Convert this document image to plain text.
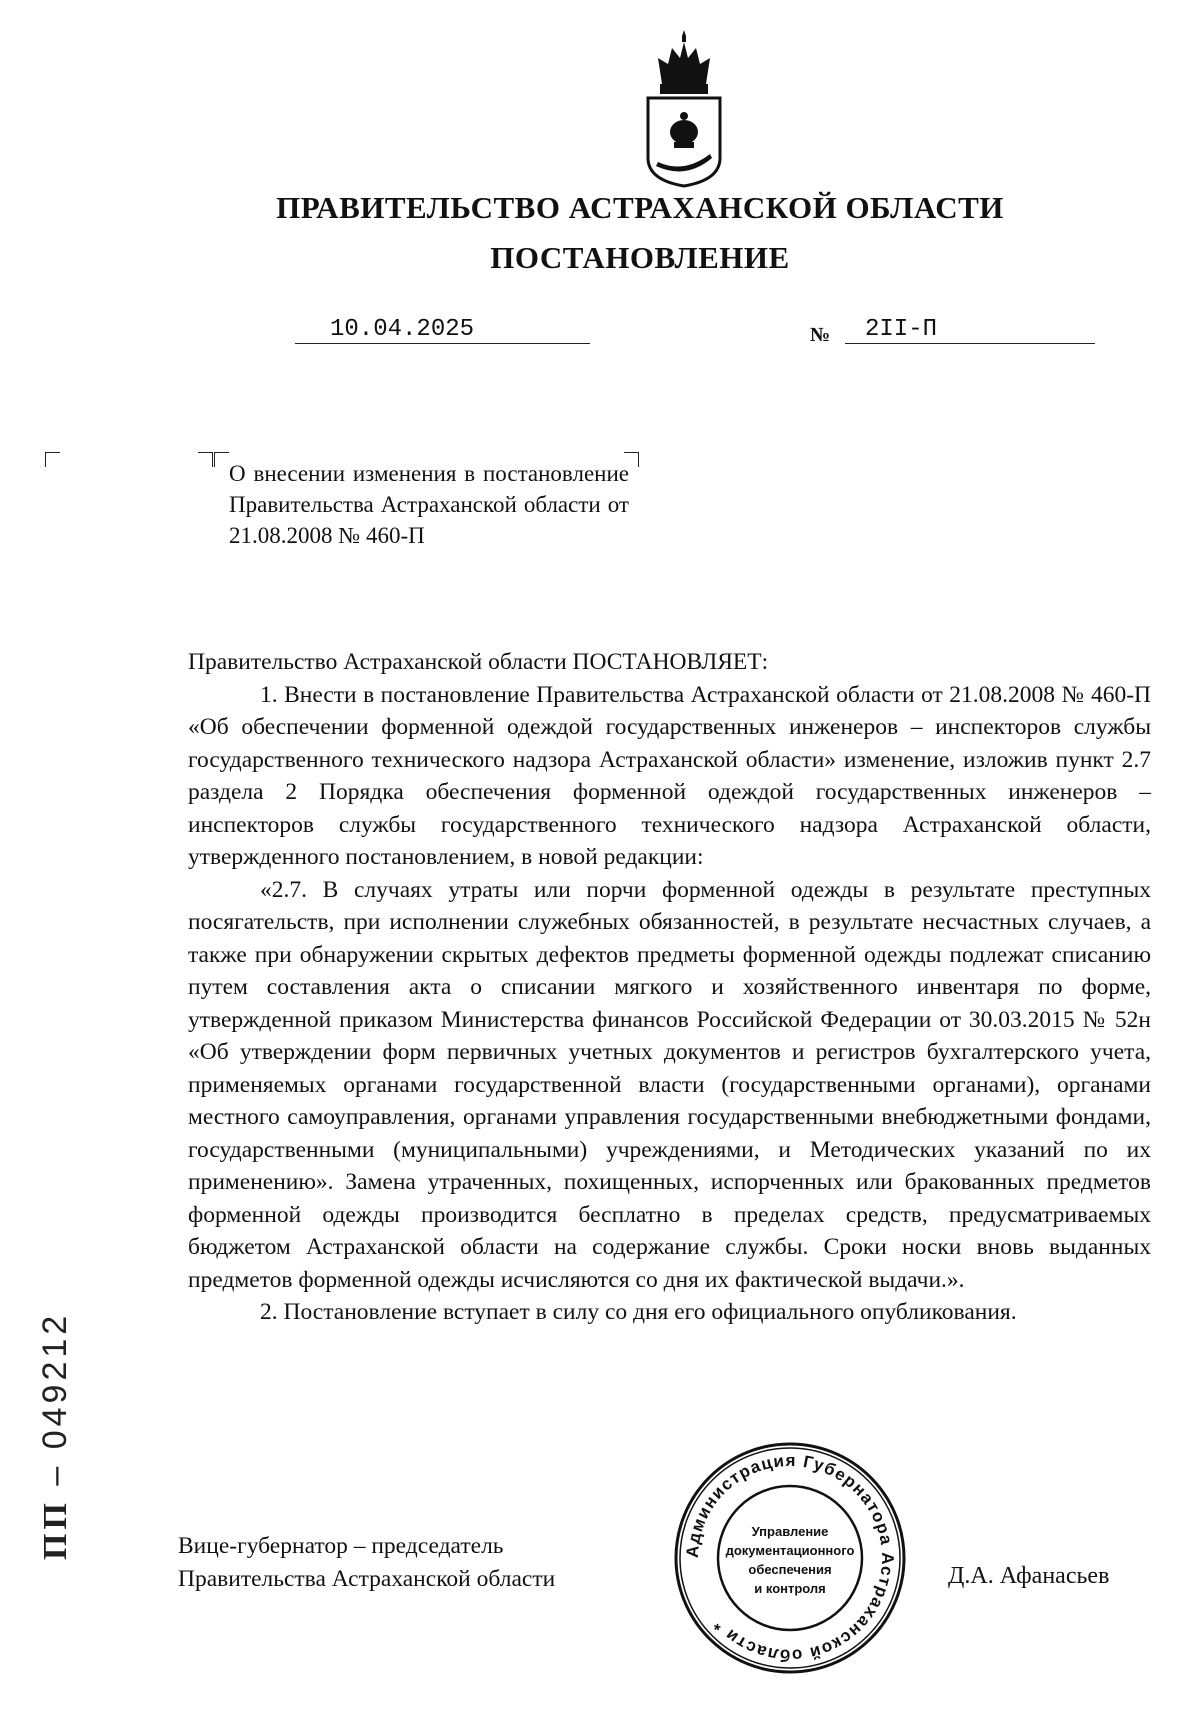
ПРАВИТЕЛЬСТВО АСТРАХАНСКОЙ ОБЛАСТИ
ПОСТАНОВЛЕНИЕ
10.04.2025	№ 2II-П
О внесении изменения в постановление Правительства Астраханской области от
21.08.2008 № 460-П

Правительство Астраханской области ПОСТАНОВЛЯЕТ:

1. Внести в постановление Правительства Астраханской области от 21.08.2008 № 460-П «Об обеспечении форменной одеждой государственных инженеров – инспекторов службы государственного технического надзора Астраханской области» изменение, изложив пункт 2.7 раздела 2 Порядка обеспечения форменной одеждой государственных инженеров – инспекторов службы государственного технического надзора Астраханской области, утвержденного постановлением, в новой редакции:

«2.7. В случаях утраты или порчи форменной одежды в результате преступных посягательств, при исполнении служебных обязанностей, в результате несчастных случаев, а также при обнаружении скрытых дефектов предметы форменной одежды подлежат списанию путем составления акта о списании мягкого и хозяйственного инвентаря по форме, утвержденной приказом Министерства финансов Российской Федерации от 30.03.2015 № 52н «Об утверждении форм первичных учетных документов и регистров бухгалтерского учета, применяемых органами государственной власти (государственными органами), органами местного самоуправления, органами управления государственными внебюджетными фондами, государственными (муниципальными) учреждениями, и Методических указаний по их применению». Замена утраченных, похищенных, испорченных или бракованных предметов форменной одежды производится бесплатно в пределах средств, предусматриваемых бюджетом Астраханской области на содержание службы. Сроки носки вновь выданных предметов форменной одежды исчисляются со дня их фактической выдачи.».

2. Постановление вступает в силу со дня его официального опубликования.

Вице-губернатор – председатель
Правительства Астраханской области	Д.А. Афанасьев
Администрация Губернатора Астраханской области *
Управление
документационного
обеспечения
и контроля
ПП – 049212
